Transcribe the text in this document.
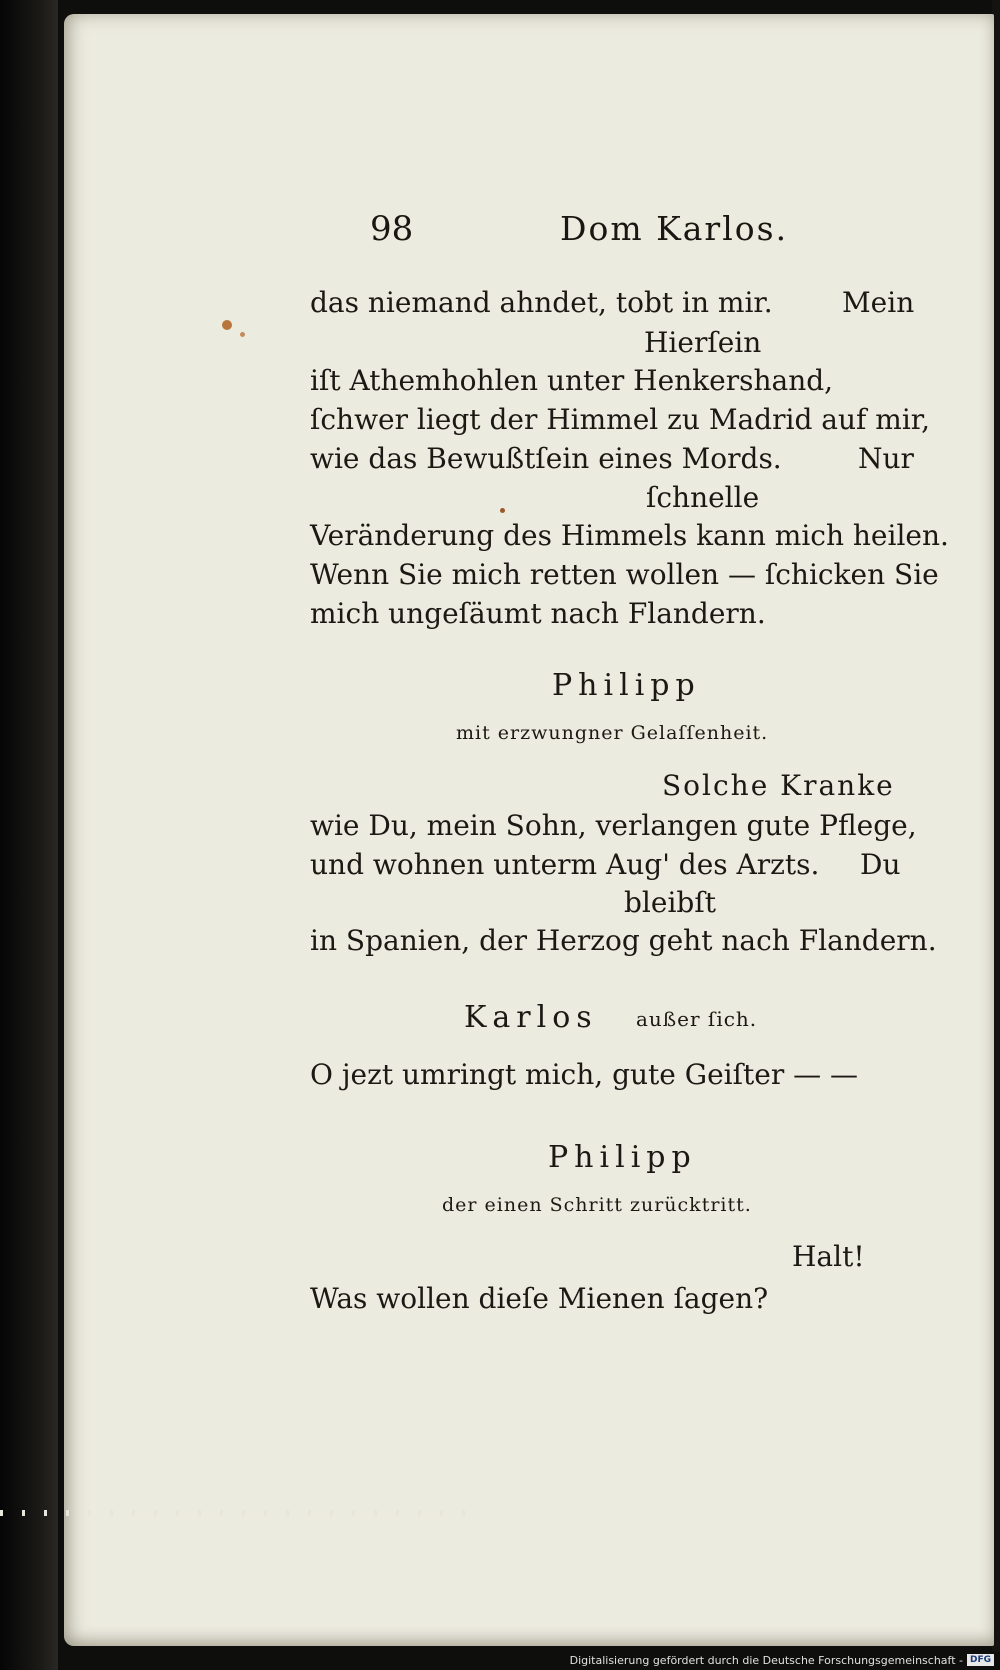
98	Dom Karlos.
das niemand ahndet, tobt in mir. Mein
Hierſein
iſt Athemhohlen unter Henkershand,
ſchwer liegt der Himmel zu Madrid auf mir,
wie das Bewußtſein eines Mords.	Nur
ſchnelle
Veränderung des Himmels kann mich heilen.
Wenn Sie mich retten wollen — ſchicken Sie
mich ungeſäumt nach Flandern.
Philipp
mit erzwungner Gelaſſenheit.
Solche Kranke
wie Du, mein Sohn, verlangen gute Pflege,
und wohnen unterm Aug' des Arzts. Du
bleibſt
in Spanien, der Herzog geht nach Flandern.
Karlos außer ſich.
O jezt umringt mich, gute Geiſter — —
Philipp
der einen Schritt zurücktritt.
Halt!
Was wollen dieſe Mienen ſagen?
Digitalisierung gefördert durch die Deutsche Forschungsgemeinschaft - DFG
